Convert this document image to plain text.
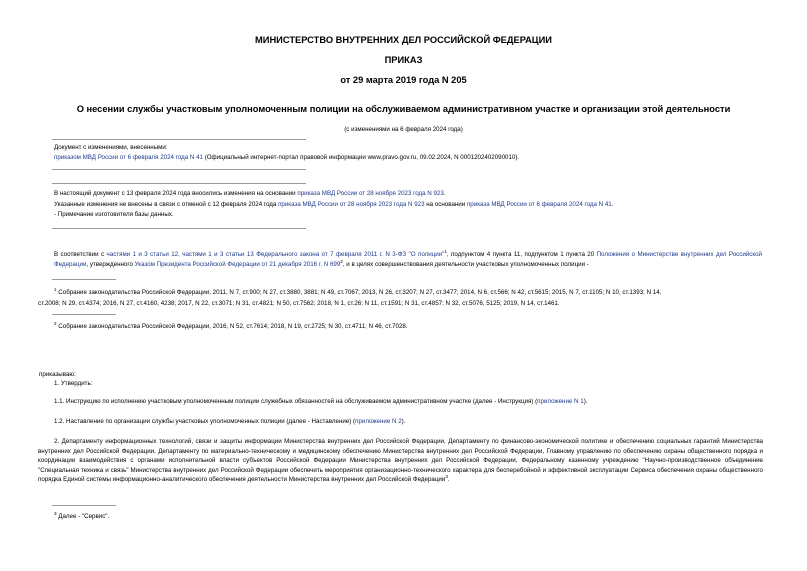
МИНИСТЕРСТВО ВНУТРЕННИХ ДЕЛ РОССИЙСКОЙ ФЕДЕРАЦИИ
ПРИКАЗ
от 29 марта 2019 года N 205
О несении службы участковым уполномоченным полиции на обслуживаемом административном участке и организации этой деятельности
(с изменениями на 6 февраля 2024 года)
Документ с изменениями, внесенными:
приказом МВД России от 6 февраля 2024 года N 41 (Официальный интернет-портал правовой информации www.pravo.gov.ru, 09.02.2024, N 0001202402090010).
В настоящий документ с 13 февраля 2024 года вносились изменения на основании приказа МВД России от 28 ноября 2023 года N 923.
Указанные изменения не внесены в связи с отменой с 12 февраля 2024 года приказа МВД России от 28 ноября 2023 года N 923 на основании приказа МВД России от 6 февраля 2024 года N 41.
- Примечание изготовителя базы данных.
В соответствии с частями 1 и 3 статьи 12, частями 1 и 3 статьи 13 Федерального закона от 7 февраля 2011 г. N 3-ФЗ "О полиции"$^1$, подпунктом 4 пункта 11, подпунктом 1 пункта 20 Положения о Министерстве внутренних дел Российской Федерации, утвержденного Указом Президента Российской Федерации от 21 декабря 2016 г. N $699^2$, и в целях совершенствования деятельности участковых уполномоченных полиции -
$^1$ Собрание законодательства Российской Федерации, 2011, N 7, ст.900; N 27, ст.3880, 3881; N 49, ст.7067; 2013, N 26, ст.3207; N 27, ст.3477; 2014, N 6, ст.566; N 42, ст.5615; 2015, N 7, ст.1105; N 10, ст.1393; N 14,
ст.2008; N 29, ст.4374; 2016, N 27, ст.4160, 4238; 2017, N 22, ст.3071; N 31, ст.4821; N 50, ст.7562; 2018, N 1, ст.26; N 11, ст.1591; N 31, ст.4857; N 32, ст.5076, 5125; 2019, N 14, ст.1461.
$^2$ Собрание законодательства Российской Федерации, 2016, N 52, ст.7614; 2018, N 19, ст.2725; N 30, ст.4711; N 46, ст.7028.
приказываю:
1. Утвердить:
1.1. Инструкцию по исполнению участковым уполномоченным полиции служебных обязанностей на обслуживаемом административном участке (далее - Инструкция) (приложение N 1).
1.2. Наставление по организации службы участковых уполномоченных полиции (далее - Наставление) (приложение N 2).
2. Департаменту информационных технологий, связи и защиты информации Министерства внутренних дел Российской Федерации, Департаменту по финансово-экономической политике и обеспечению социальных гарантий Министерства внутренних дел Российской Федерации, Департаменту по материально-техническому и медицинскому обеспечению Министерства внутренних дел Российской Федерации, Главному управлению по обеспечению охраны общественного порядка и координации взаимодействия с органами исполнительной власти субъектов Российской Федерации Министерства внутренних дел Российской Федерации, Федеральному казенному учреждению "Научно-производственное объединение "Специальная техника и связь" Министерства внутренних дел Российской Федерации обеспечить мероприятия организационно-технического характера для бесперебойной и эффективной эксплуатации Сервиса обеспечения охраны общественного порядка Единой системы информационно-аналитического обеспечения деятельности Министерства внутренних дел Российской Федерации$^3$.
$^3$ Далее - "Сервис".
